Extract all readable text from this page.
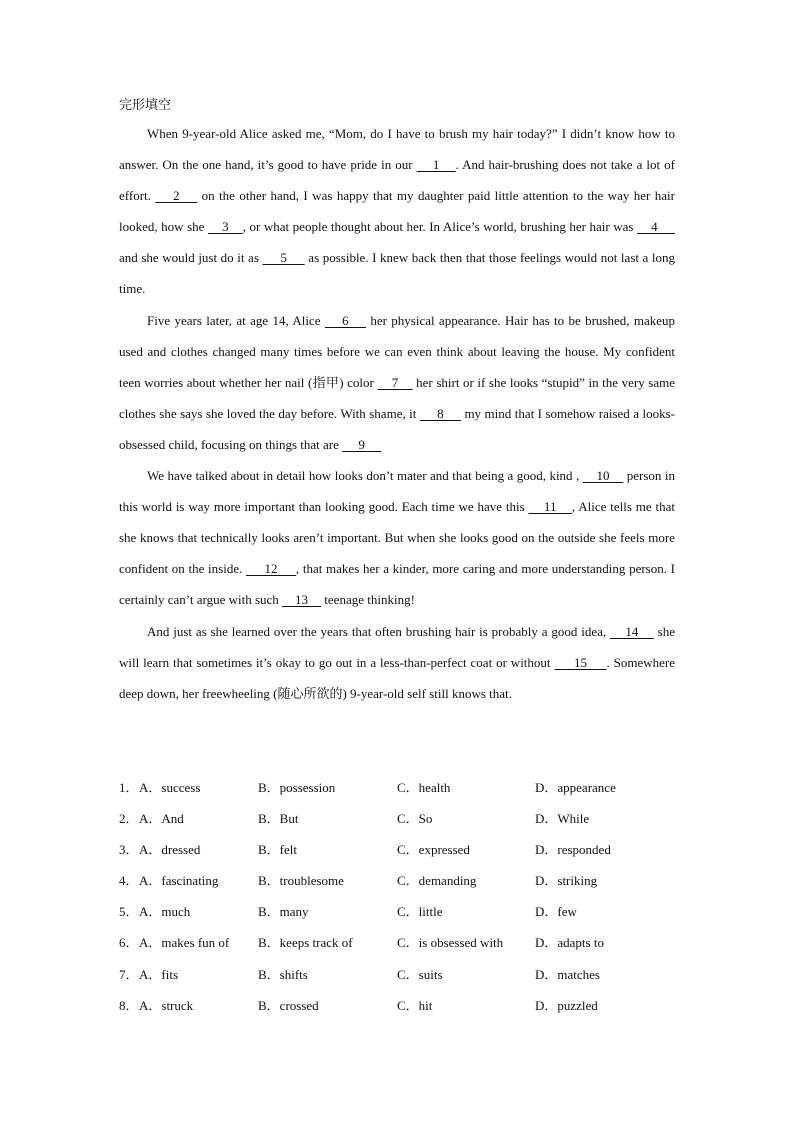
完形填空

When 9-year-old Alice asked me, “Mom, do I have to brush my hair today?” I didn’t know how to answer. On the one hand, it’s good to have pride in our     1    . And hair-brushing does not take a lot of effort.     2     on the other hand, I was happy that my daughter paid little attention to the way her hair looked, how she     3    , or what people thought about her. In Alice’s world, brushing her hair was     4      and she would just do it as      5      as possible. I knew back then that those feelings would not last a long time.

Five years later, at age 14, Alice     6     her physical appearance. Hair has to be brushed, makeup used and clothes changed many times before we can even think about leaving the house. My confident teen worries about whether her nail (指甲) color     7     her shirt or if she looks “stupid” in the very same clothes she says she loved the day before. With shame, it      8      my mind that I somehow raised a looks-obsessed child, focusing on things that are      9

We have talked about in detail how looks don’t mater and that being a good, kind ,     10     person in this world is way more important than looking good. Each time we have this     11    , Alice tells me that she knows that technically looks aren’t important. But when she looks good on the outside she feels more confident on the inside.      12     , that makes her a kinder, more caring and more understanding person. I certainly can’t argue with such     13     teenage thinking!

And just as she learned over the years that often brushing hair is probably a good idea,     14     she will learn that sometimes it’s okay to go out in a less-than-perfect coat or without      15     . Somewhere deep down, her freewheeling (随心所欲的) 9-year-old self still knows that.

1． A．success	B．possession	C．health	D．appearance
2． A．And	B．But	C．So	D．While
3． A．dressed	B．felt	C．expressed	D．responded
4． A．fascinating	B．troublesome	C．demanding	D．striking
5． A．much	B．many	C．little	D．few
6． A．makes fun of B．keeps track of	C．is obsessed with D．adapts to
7． A．fits	B．shifts	C．suits	D．matches
8． A．struck	B．crossed	C．hit	D．puzzled
